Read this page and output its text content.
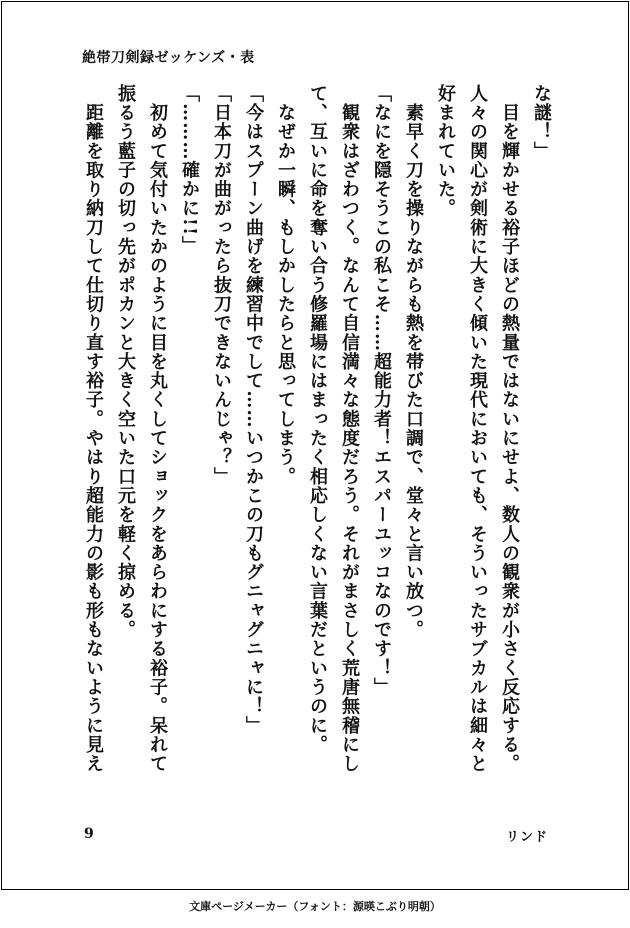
絶帯刀剣録ゼッケンズ・表
な謎！」
　目を輝かせる裕子ほどの熱量ではないにせよ、数人の観衆が小さく反応する。
人々の関心が剣術に大きく傾いた現代においても、そういったサブカルは細々と
好まれていた。
　素早く刀を操りながらも熱を帯びた口調で、堂々と言い放つ。
「なにを隠そうこの私こそ……超能力者！エスパーユッコなのです！」
　観衆はざわつく。なんて自信満々な態度だろう。それがまさしく荒唐無稽にし
て、互いに命を奪い合う修羅場にはまったく相応しくない言葉だというのに。
　なぜか一瞬、もしかしたらと思ってしまう。
「今はスプーン曲げを練習中でして……いつかこの刀もグニャグニャに！」
「日本刀が曲がったら抜刀できないんじゃ？」
「………確かに!!」
　初めて気付いたかのように目を丸くしてショックをあらわにする裕子。呆れて
振るう藍子の切っ先がポカンと大きく空いた口元を軽く掠める。
　距離を取り納刀して仕切り直す裕子。やはり超能力の影も形もないように見え
9	リンド
文庫ページメーカー（フォント：源暎こぶり明朝）
